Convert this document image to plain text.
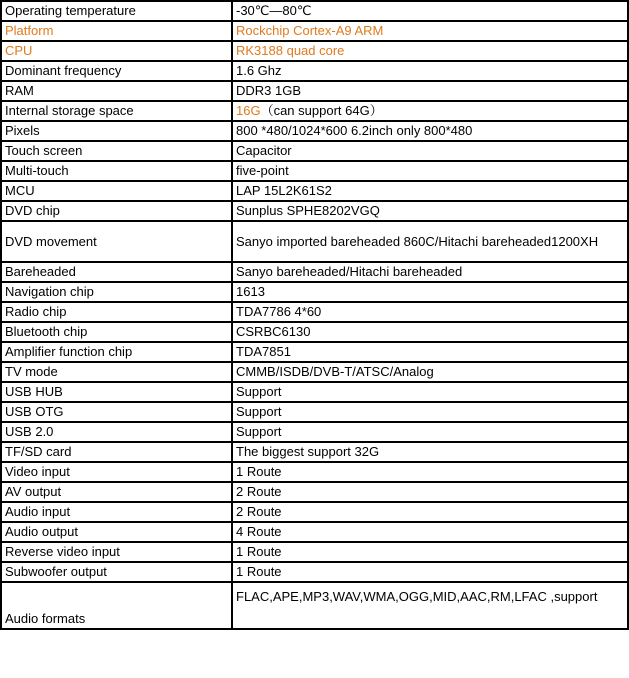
Operating temperature	-30℃—80℃
Platform	Rockchip Cortex-A9 ARM
CPU	RK3188 quad core
Dominant frequency	1.6 Ghz
RAM	DDR3 1GB
Internal storage space	16G（can support 64G）
Pixels	800 *480/1024*600 6.2inch only 800*480
Touch screen	Capacitor
Multi-touch	five-point
MCU	LAP 15L2K61S2
DVD chip	Sunplus SPHE8202VGQ
DVD movement	Sanyo imported bareheaded 860C/Hitachi bareheaded1200XH
Bareheaded	Sanyo bareheaded/Hitachi bareheaded
Navigation chip	1613
Radio chip	TDA7786 4*60
Bluetooth chip	CSRBC6130
Amplifier function chip	TDA7851
TV mode	CMMB/ISDB/DVB-T/ATSC/Analog
USB HUB	Support
USB OTG	Support
USB 2.0	Support
TF/SD card	The biggest support 32G
Video input	1 Route
AV output	2 Route
Audio input	2 Route
Audio output	4 Route
Reverse video input	1 Route
Subwoofer output	1 Route
Audio formats	FLAC,APE,MP3,WAV,WMA,OGG,MID,AAC,RM,LFAC ,support
